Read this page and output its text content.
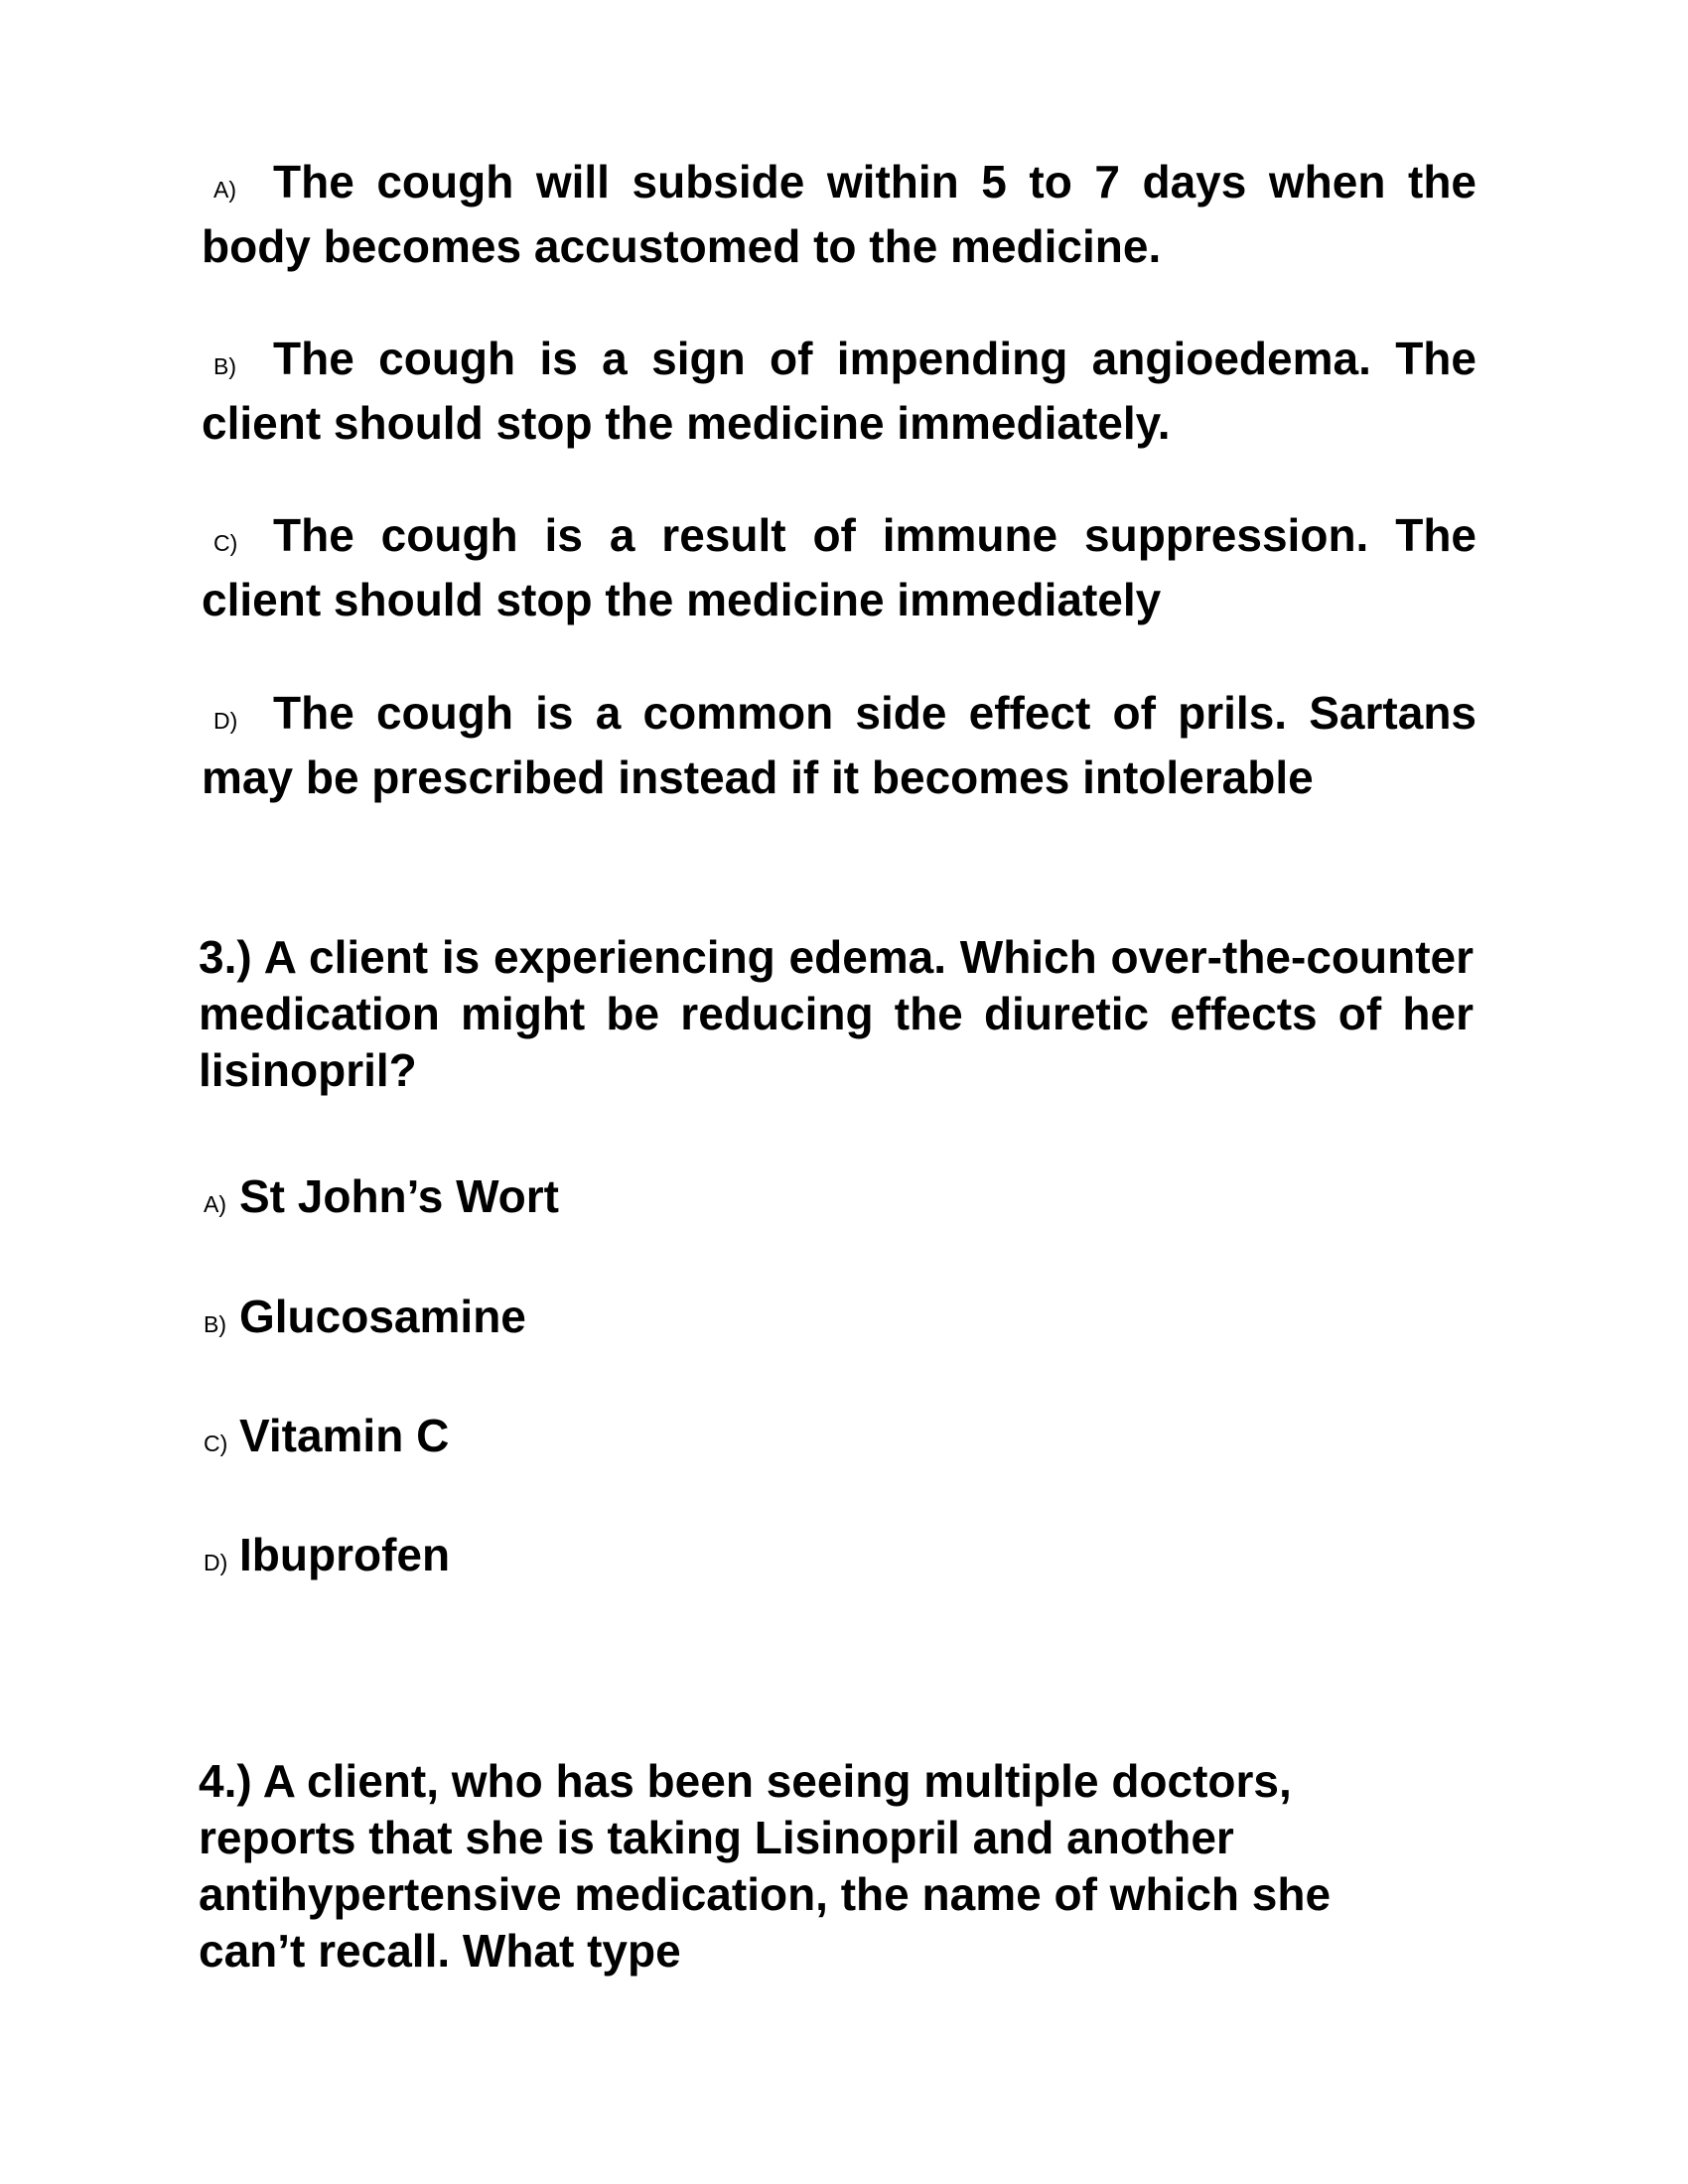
A) The cough will subside within 5 to 7 days when the body becomes accustomed to the medicine.

B) The cough is a sign of impending angioedema. The client should stop the medicine immediately.

C) The cough is a result of immune suppression. The client should stop the medicine immediately

D) The cough is a common side effect of prils. Sartans may be prescribed instead if it becomes intolerable

3.) A client is experiencing edema. Which over-the-counter medication might be reducing the diuretic effects of her lisinopril?

A) St John’s Wort

B) Glucosamine

C) Vitamin C

D) Ibuprofen

4.) A client, who has been seeing multiple doctors, reports that she is taking Lisinopril and another antihypertensive medication, the name of which she can’t recall. What type
